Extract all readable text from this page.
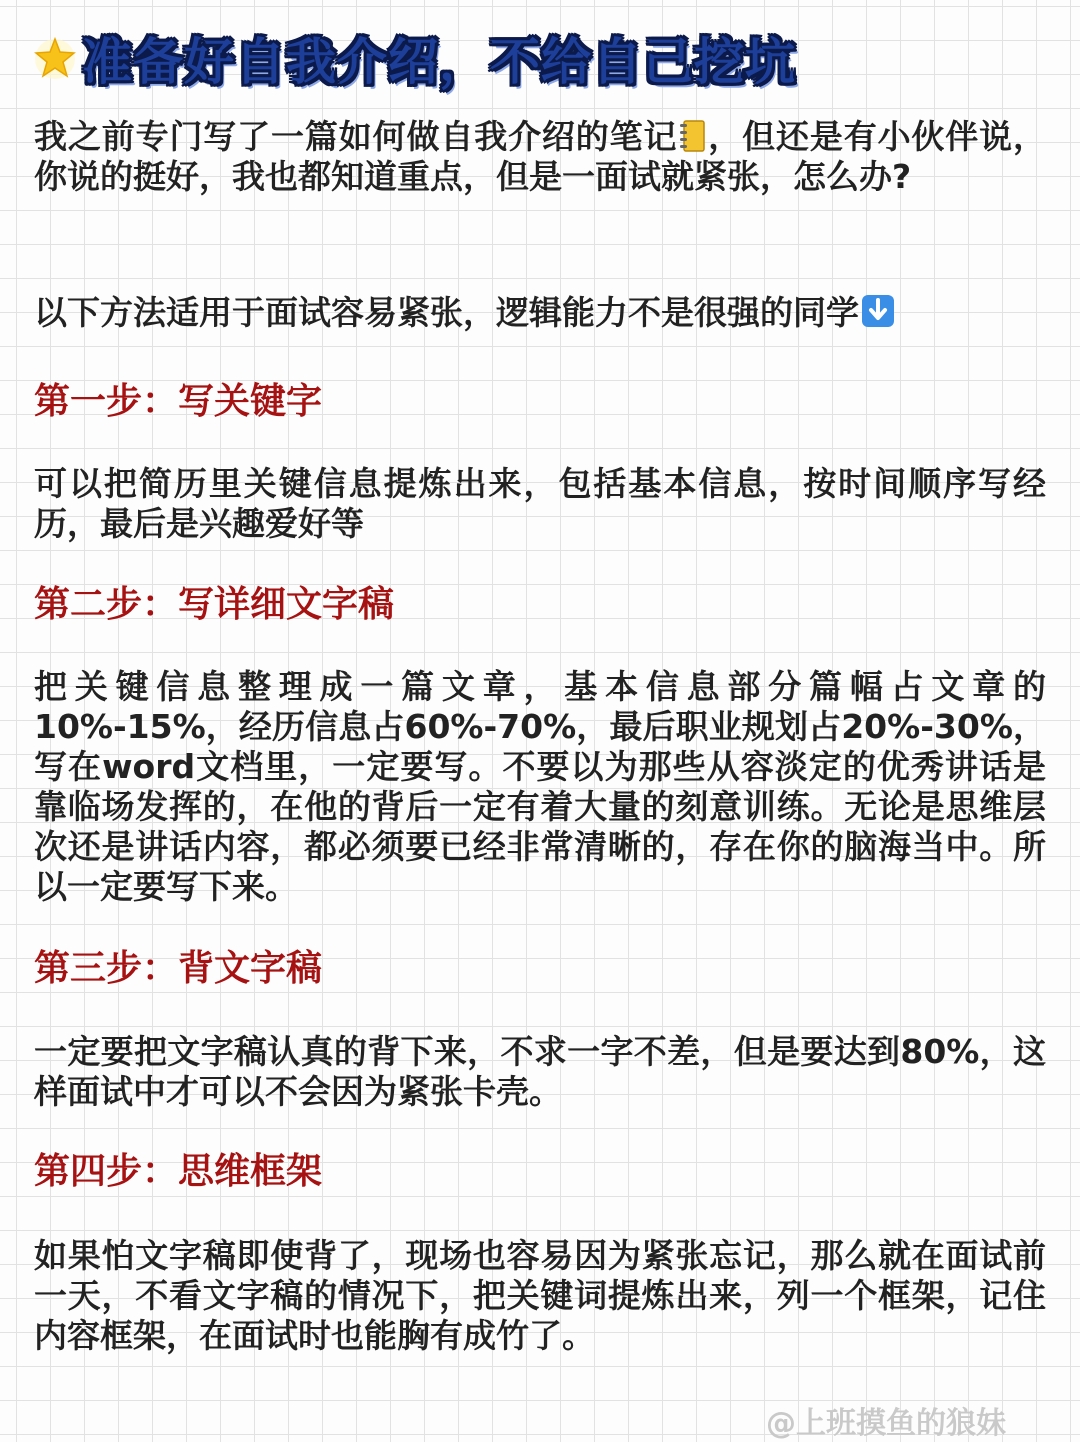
准备好自我介绍，不给自己挖坑

我之前专门写了一篇如何做自我介绍的笔记 ，但还是有小伙伴说，你说的挺好，我也都知道重点，但是一面试就紧张，怎么办?

以下方法适用于面试容易紧张，逻辑能力不是很强的同学

第一步：写关键字

可以把简历里关键信息提炼出来，包括基本信息，按时间顺序写经历，最后是兴趣爱好等

第二步：写详细文字稿

把关键信息整理成一篇文章，基本信息部分篇幅占文章的10%-15%，经历信息占60%-70%，最后职业规划占20%-30%，写在word文档里，一定要写。不要以为那些从容淡定的优秀讲话是靠临场发挥的，在他的背后一定有着大量的刻意训练。无论是思维层次还是讲话内容，都必须要已经非常清晰的，存在你的脑海当中。所以一定要写下来。

第三步：背文字稿

一定要把文字稿认真的背下来，不求一字不差，但是要达到80%，这样面试中才可以不会因为紧张卡壳。

第四步：思维框架

如果怕文字稿即使背了，现场也容易因为紧张忘记，那么就在面试前一天，不看文字稿的情况下，把关键词提炼出来，列一个框架，记住内容框架，在面试时也能胸有成竹了。

@上班摸鱼的狼妹
